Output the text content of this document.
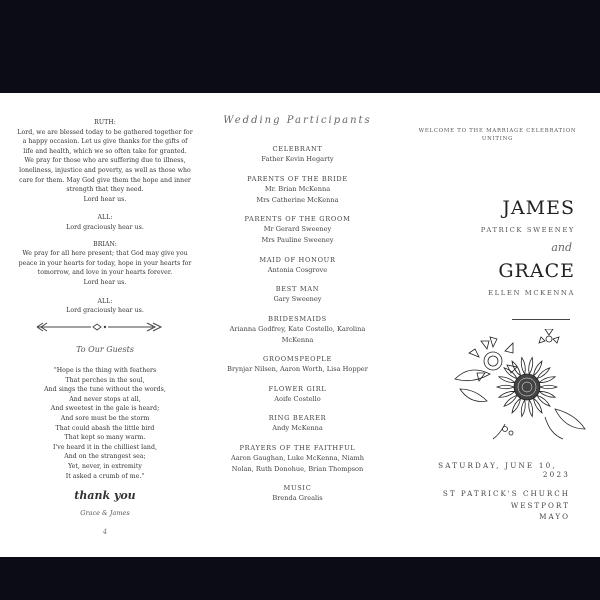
RUTH:
Lord, we are blessed today to be gathered together for
a happy occasion. Let us give thanks for the gifts of
life and health, which we so often take for granted.
We pray for those who are suffering due to illness,
loneliness, injustice and poverty, as well as those who
care for them. May God give them the hope and inner
strength that they need.
Lord hear us.
ALL:
Lord graciously hear us.
BRIAN:
We pray for all here present; that God may give you
peace in your hearts for today, hope in your hearts for
tomorrow, and love in your hearts forever.
Lord hear us.
ALL:
Lord graciously hear us.
To Our Guests
"Hope is the thing with feathers
That perches in the soul,
And sings the tune without the words,
And never stops at all,
And sweetest in the gale is heard;
And sore must be the storm
That could abash the little bird
That kept so many warm.
I've heard it in the chilliest land,
And on the strangest sea;
Yet, never, in extremity
It asked a crumb of me."
thank you
Grace & James
4
Wedding Participants
CELEBRANT
Father Kevin Hegarty
PARENTS OF THE BRIDE
Mr. Brian McKenna
Mrs Catherine McKenna
PARENTS OF THE GROOM
Mr Gerard Sweeney
Mrs Pauline Sweeney
MAID OF HONOUR
Antonia Cosgrove
BEST MAN
Gary Sweeney
BRIDESMAIDS
Arianna Godfrey, Kate Costello, Karolina
McKenna
GROOMSPEOPLE
Brynjar Nilsen, Aaron Worth, Lisa Hopper
FLOWER GIRL
Aoife Costello
RING BEARER
Andy McKenna
PRAYERS OF THE FAITHFUL
Aaron Gaughan, Luke McKenna, Niamh
Nolan, Ruth Donohue, Brian Thompson
MUSIC
Brenda Grealis
WELCOME TO THE MARRIAGE CELEBRATION
UNITING
JAMES
PATRICK SWEENEY
and
GRACE
ELLEN MCKENNA
SATURDAY, JUNE 10,
2023
ST PATRICK'S CHURCH
WESTPORT
MAYO
